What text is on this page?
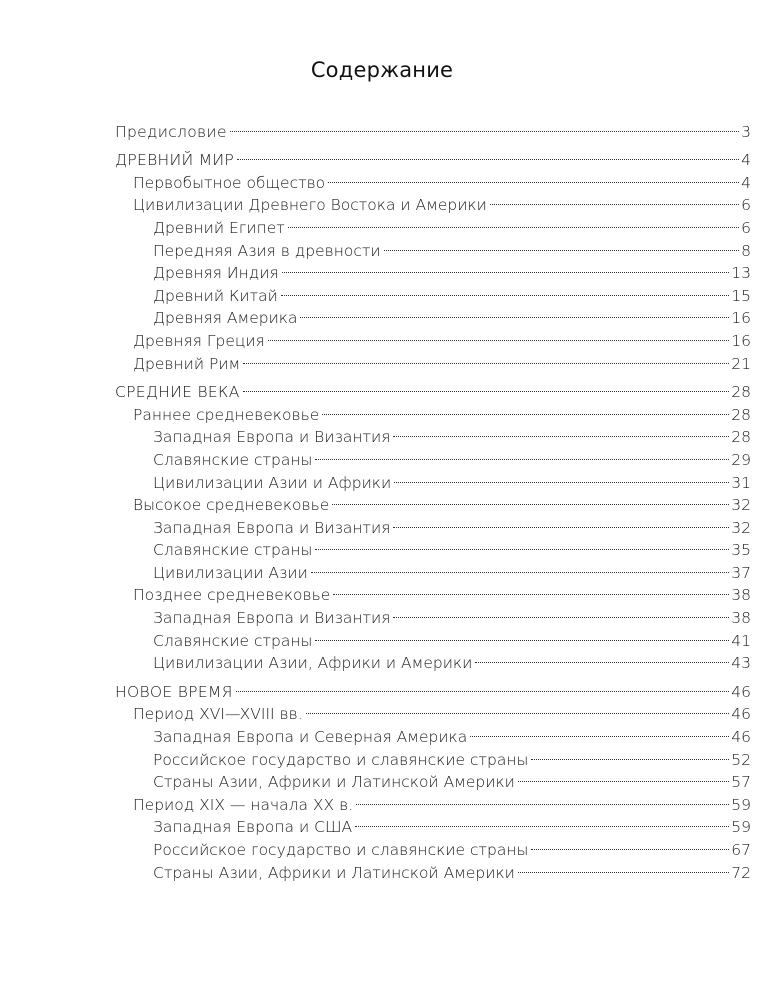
Содержание
Предисловие	3
ДРЕВНИЙ МИР	4
Первобытное общество	4
Цивилизации Древнего Востока и Америки	6
Древний Египет	6
Передняя Азия в древности	8
Древняя Индия	13
Древний Китай	15
Древняя Америка	16
Древняя Греция	16
Древний Рим	21
СРЕДНИЕ ВЕКА	28
Раннее средневековье	28
Западная Европа и Византия	28
Славянские страны	29
Цивилизации Азии и Африки	31
Высокое средневековье	32
Западная Европа и Византия	32
Славянские страны	35
Цивилизации Азии	37
Позднее средневековье	38
Западная Европа и Византия	38
Славянские страны	41
Цивилизации Азии, Африки и Америки	43
НОВОЕ ВРЕМЯ	46
Период XVI—XVIII вв.	46
Западная Европа и Северная Америка	46
Российское государство и славянские страны	52
Страны Азии, Африки и Латинской Америки	57
Период XIX — начала XX в.	59
Западная Европа и США	59
Российское государство и славянские страны	67
Страны Азии, Африки и Латинской Америки	72
